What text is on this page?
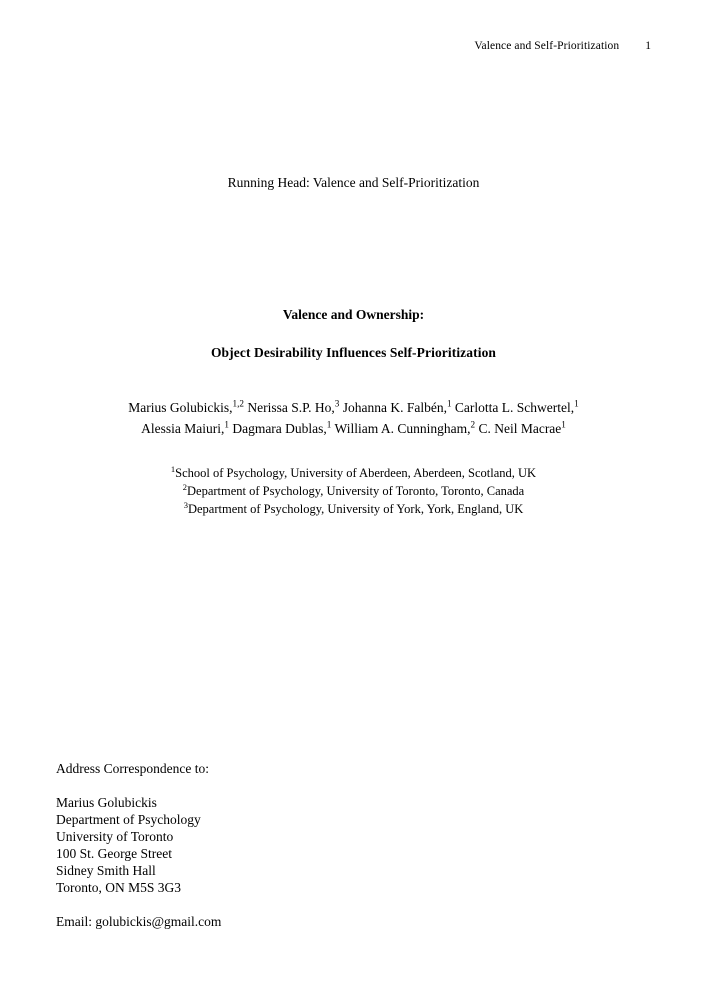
Valence and Self-Prioritization 1
Running Head: Valence and Self-Prioritization
Valence and Ownership:
Object Desirability Influences Self-Prioritization
Marius Golubickis,$^{1,2}$ Nerissa S.P. Ho,$^3$ Johanna K. Falbén,$^1$ Carlotta L. Schwertel,$^1$
Alessia Maiuri,$^1$ Dagmara Dublas,$^1$ William A. Cunningham,$^2$ C. Neil Macrae$^1$
$^1$School of Psychology, University of Aberdeen, Aberdeen, Scotland, UK
$^2$Department of Psychology, University of Toronto, Toronto, Canada
$^3$Department of Psychology, University of York, York, England, UK
Address Correspondence to:
Marius Golubickis
Department of Psychology
University of Toronto
100 St. George Street
Sidney Smith Hall
Toronto, ON M5S 3G3
Email: golubickis@gmail.com
